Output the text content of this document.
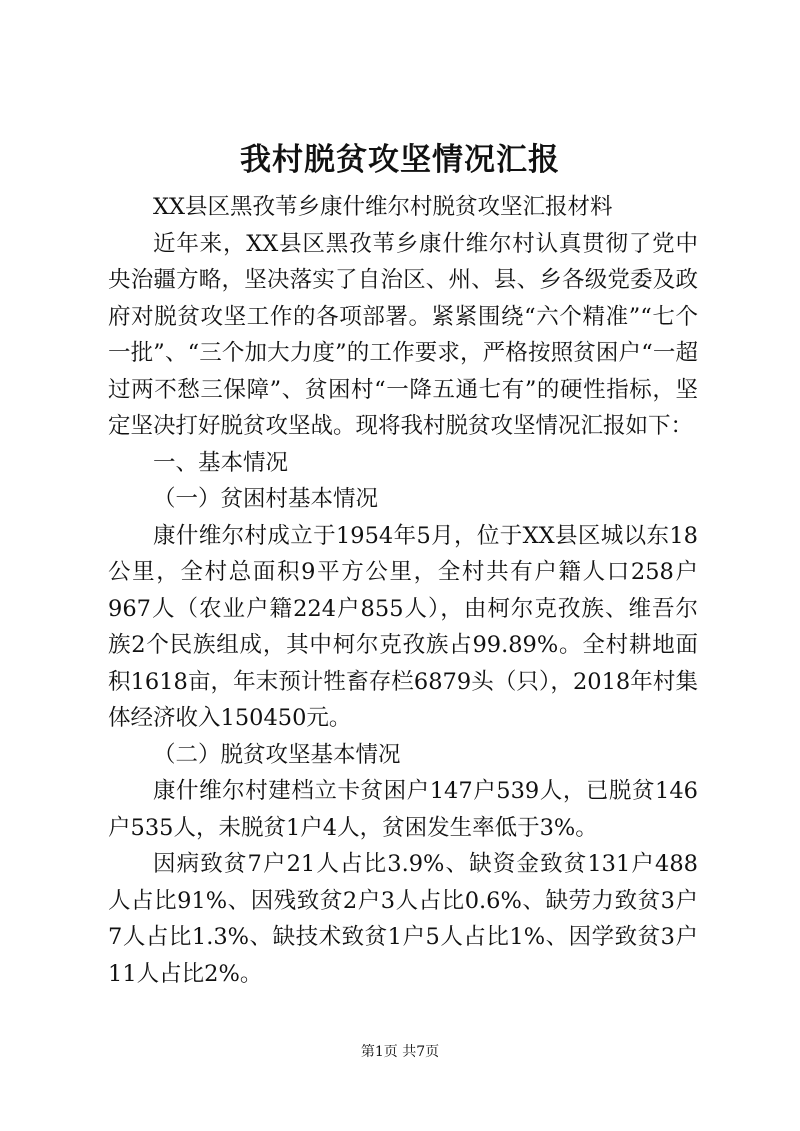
我村脱贫攻坚情况汇报

XX县区黑孜苇乡康什维尔村脱贫攻坚汇报材料

近年来，XX县区黑孜苇乡康什维尔村认真贯彻了党中央治疆方略，坚决落实了自治区、州、县、乡各级党委及政府对脱贫攻坚工作的各项部署。紧紧围绕“六个精准”“七个一批”、“三个加大力度”的工作要求，严格按照贫困户“一超过两不愁三保障”、贫困村“一降五通七有”的硬性指标，坚定坚决打好脱贫攻坚战。现将我村脱贫攻坚情况汇报如下：

一、基本情况

（一）贫困村基本情况

康什维尔村成立于1954年5月，位于XX县区城以东18公里，全村总面积9平方公里，全村共有户籍人口258户967人（农业户籍224户855人），由柯尔克孜族、维吾尔族2个民族组成，其中柯尔克孜族占99.89%。全村耕地面积1618亩，年末预计牲畜存栏6879头（只），2018年村集体经济收入150450元。

（二）脱贫攻坚基本情况

康什维尔村建档立卡贫困户147户539人，已脱贫146户535人，未脱贫1户4人，贫困发生率低于3%。

因病致贫7户21人占比3.9%、缺资金致贫131户488人占比91%、因残致贫2户3人占比0.6%、缺劳力致贫3户7人占比1.3%、缺技术致贫1户5人占比1%、因学致贫3户11人占比2%。

第1页 共7页
